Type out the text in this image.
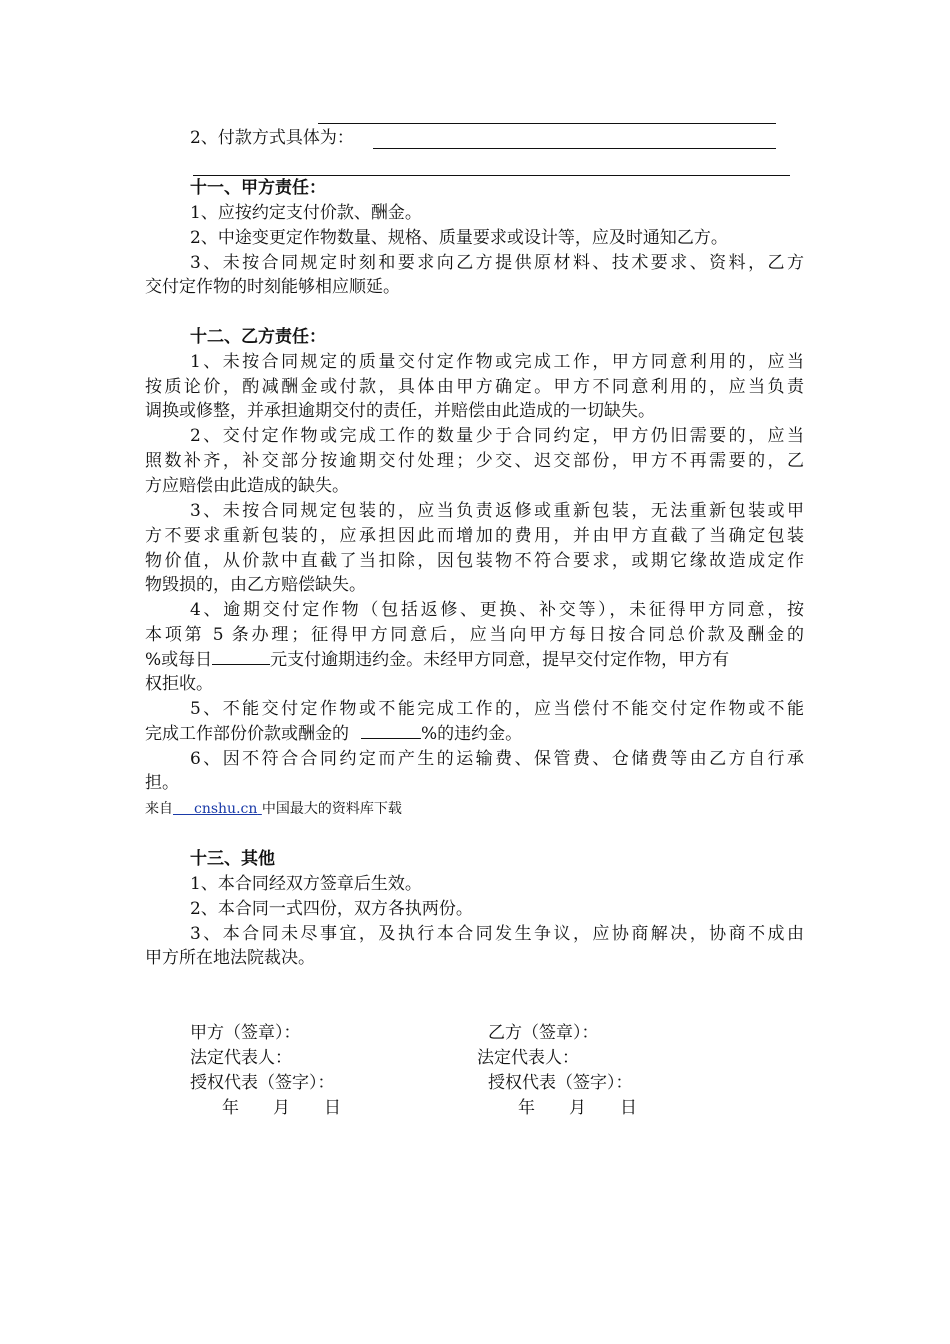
2、付款方式具体为：
十一、甲方责任：
1、应按约定支付价款、酬金。
2、中途变更定作物数量、规格、质量要求或设计等，应及时通知乙方。
3、未按合同规定时刻和要求向乙方提供原材料、技术要求、资料，乙方
交付定作物的时刻能够相应顺延。
十二、乙方责任：
1、未按合同规定的质量交付定作物或完成工作，甲方同意利用的，应当
按质论价，酌减酬金或付款，具体由甲方确定。甲方不同意利用的，应当负责
调换或修整，并承担逾期交付的责任，并赔偿由此造成的一切缺失。
2、交付定作物或完成工作的数量少于合同约定，甲方仍旧需要的，应当
照数补齐，补交部分按逾期交付处理；少交、迟交部份，甲方不再需要的，乙
方应赔偿由此造成的缺失。
3、未按合同规定包装的，应当负责返修或重新包装，无法重新包装或甲
方不要求重新包装的，应承担因此而增加的费用，并由甲方直截了当确定包装
物价值，从价款中直截了当扣除，因包装物不符合要求，或期它缘故造成定作
物毁损的，由乙方赔偿缺失。
4、逾期交付定作物（包括返修、更换、补交等），未征得甲方同意，按
本项第 5 条办理；征得甲方同意后，应当向甲方每日按合同总价款及酬金的
%或每日	元支付逾期违约金。未经甲方同意，提早交付定作物，甲方有
权拒收。
5、不能交付定作物或不能完成工作的，应当偿付不能交付定作物或不能
完成工作部份价款或酬金的	%的违约金。
6、因不符合合同约定而产生的运输费、保管费、仓储费等由乙方自行承
担。
来自　  cnshu.cn 中国最大的资料库下载
十三、其他
1、本合同经双方签章后生效。
2、本合同一式四份，双方各执两份。
3、本合同未尽事宜，及执行本合同发生争议，应协商解决，协商不成由
甲方所在地法院裁决。
甲方（签章）：
法定代表人：
授权代表（签字）：
年　　月　　日
乙方（签章）：
法定代表人：
授权代表（签字）：
年　　月　　日
